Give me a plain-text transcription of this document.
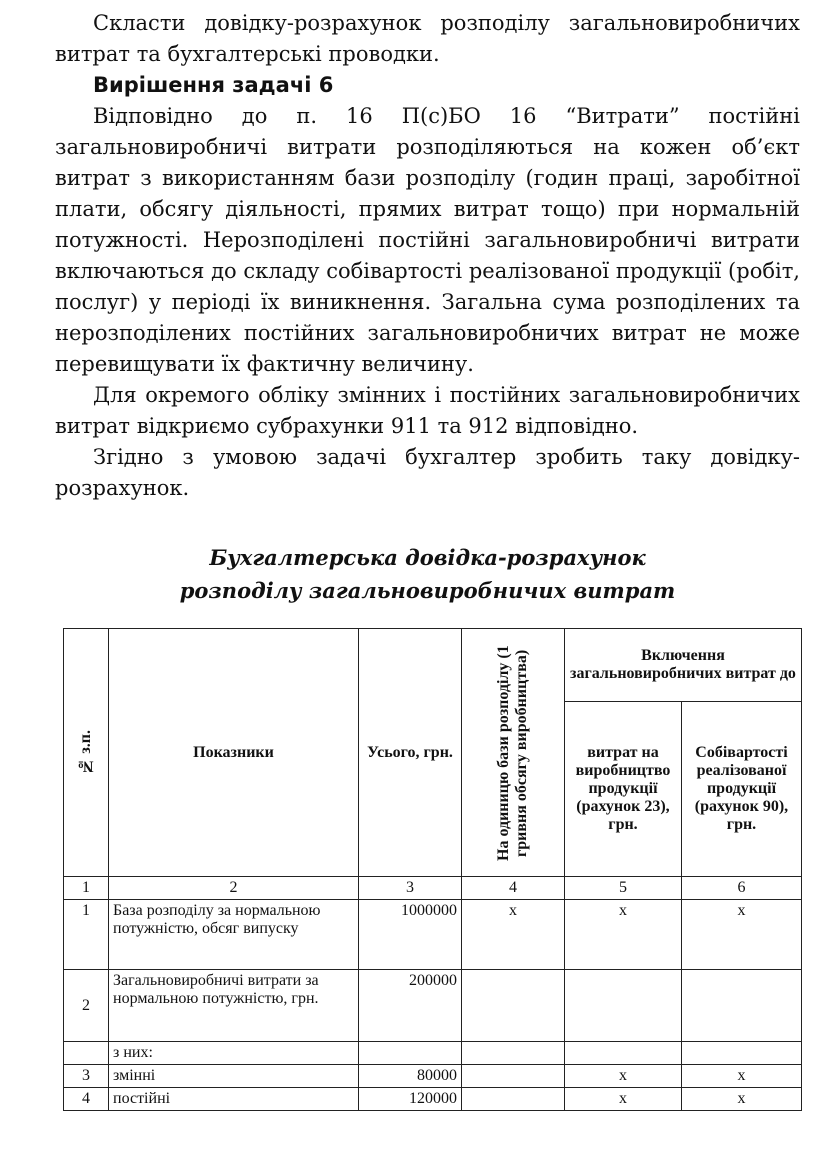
Скласти довідку-розрахунок розподілу загальновиробничих витрат та бухгалтерські проводки.

Вирішення задачі 6

Відповідно до п. 16 П(с)БО 16 “Витрати” постійні загальновиробничі витрати розподіляються на кожен об’єкт витрат з використанням бази розподілу (годин праці, заробітної плати, обсягу діяльності, прямих витрат тощо) при нормальній потужності. Нерозподілені постійні загальновиробничі витрати включаються до складу собівартості реалізованої продукції (робіт, послуг) у періоді їх виникнення. Загальна сума розподілених та нерозподілених постійних загальновиробничих витрат не може перевищувати їх фактичну величину.

Для окремого обліку змінних і постійних загальновиробничих витрат відкриємо субрахунки 911 та 912 відповідно.

Згідно з умовою задачі бухгалтер зробить таку довідку-розрахунок.

Бухгалтерська довідка-розрахунок
розподілу загальновиробничих витрат
№ з.п.	Показники	Усього, грн.	На одиницю бази розподілу (1 гривня обсягу виробництва)	Включення загальновиробничих витрат до	
				витрат на виробництво продукції (рахунок 23), грн.	Собівартості реалізованої продукції (рахунок 90), грн.
1	2	3	4	5	6
1	База розподілу за нормальною потужністю, обсяг випуску	1000000	х	х	х
2	Загальновиробничі витрати за нормальною потужністю, грн.	200000			
	з них:				
3	змінні	80000		х	х
4	постійні	120000		х	х
